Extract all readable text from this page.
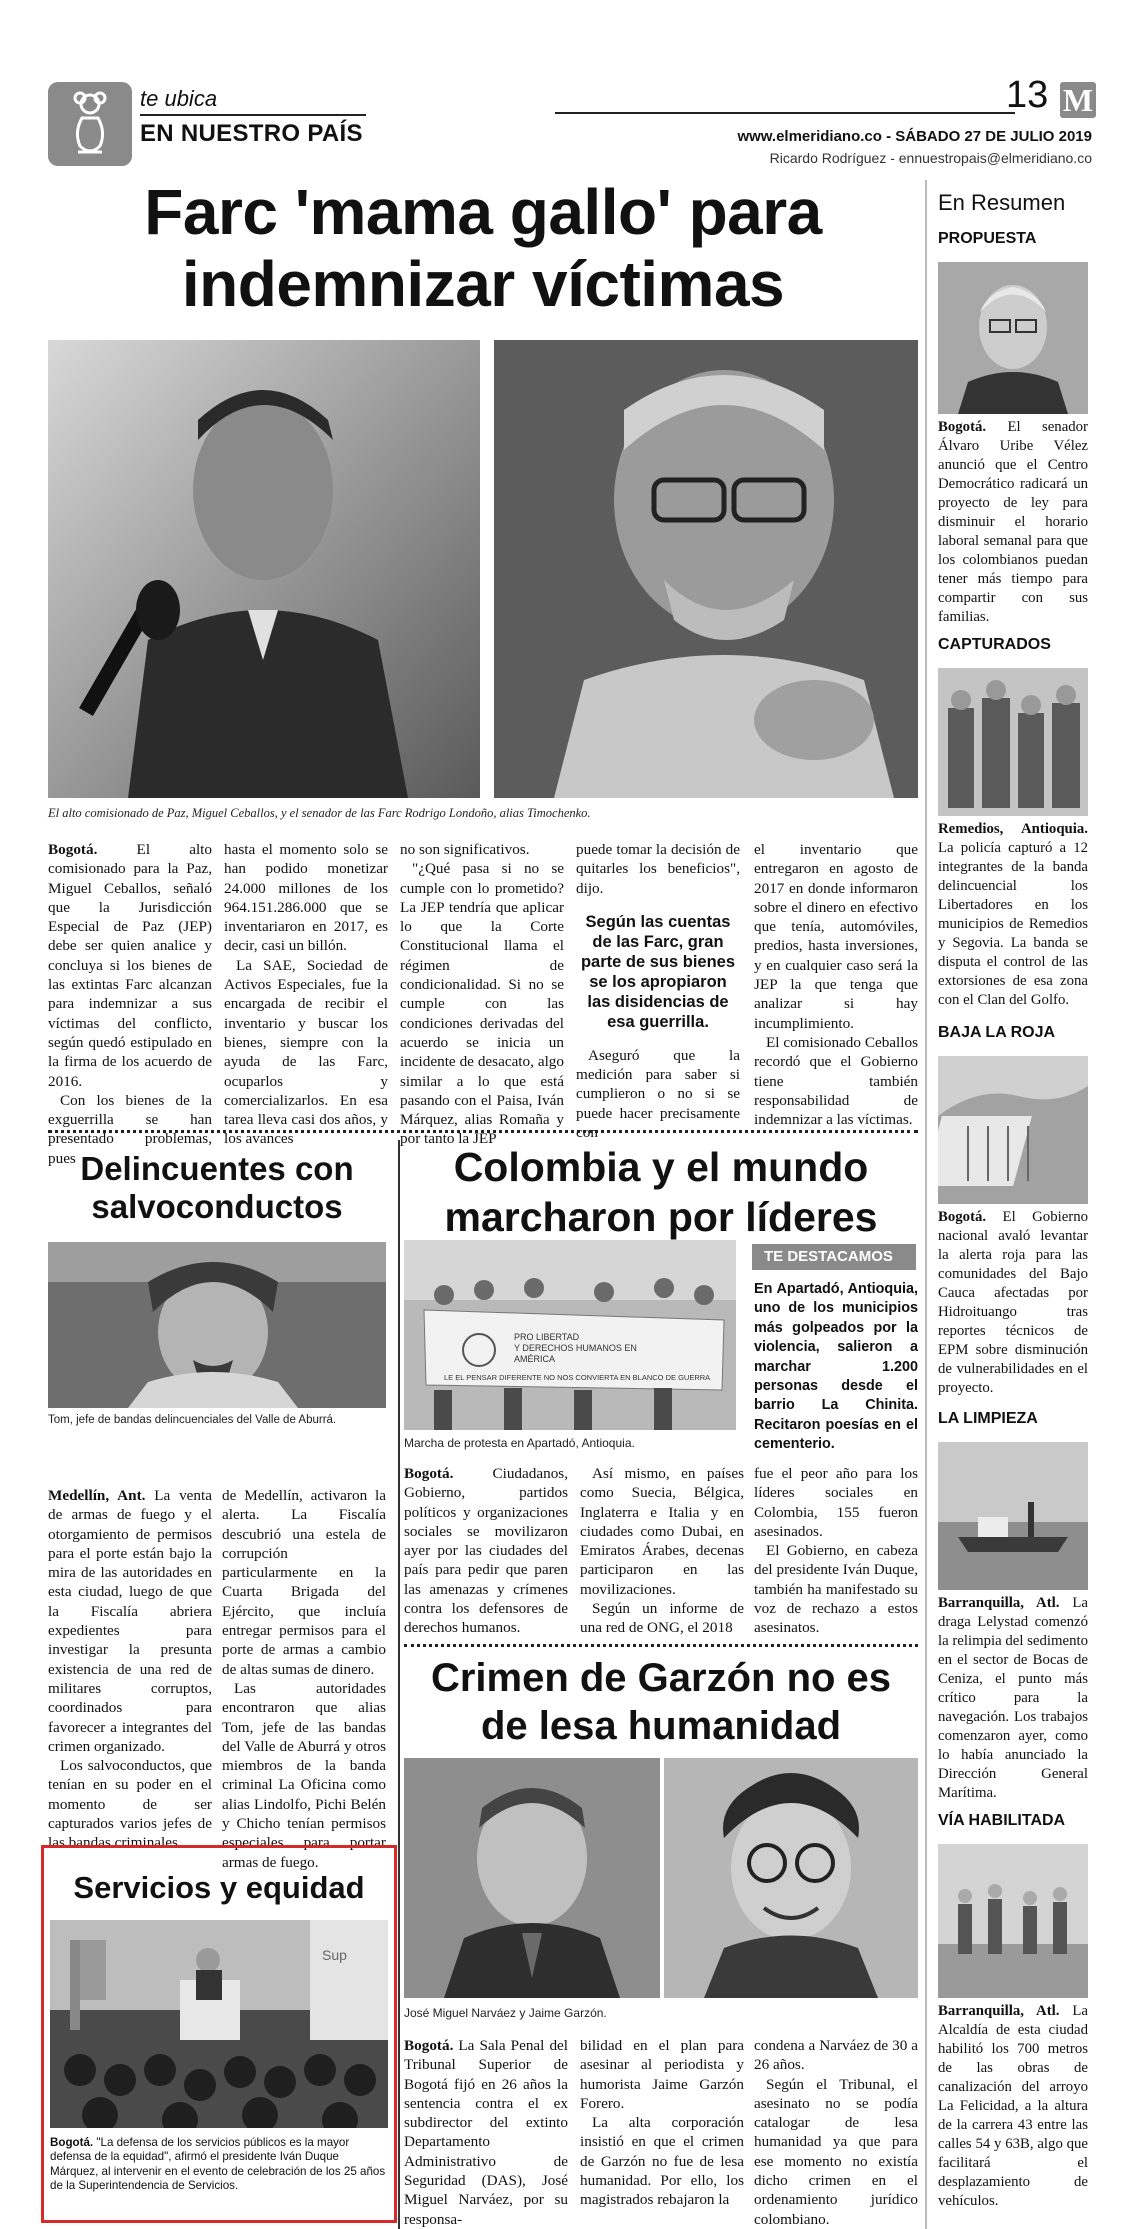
te ubica
EN NUESTRO PAÍS
13 M
www.elmeridiano.co - SÁBADO 27 DE JULIO 2019
Ricardo Rodríguez - ennuestropais@elmeridiano.co
Farc 'mama gallo' para indemnizar víctimas
El alto comisionado de Paz, Miguel Ceballos, y el senador de las Farc Rodrigo Londoño, alias Timochenko.

Bogotá. El alto comisionado para la Paz, Miguel Ceballos, señaló que la Jurisdicción Especial de Paz (JEP) debe ser quien analice y concluya si los bienes de las extintas Farc alcanzan para indemnizar a sus víctimas del conflicto, según quedó estipulado en la firma de los acuerdo de 2016.

Con los bienes de la exguerrilla se han presentado problemas, pues

hasta el momento solo se han podido monetizar 24.000 millones de los 964.151.286.000 que se inventariaron en 2017, es decir, casi un billón.

La SAE, Sociedad de Activos Especiales, fue la encargada de recibir el inventario y buscar los bienes, siempre con la ayuda de las Farc, ocuparlos y comercializarlos. En esa tarea lleva casi dos años, y los avances

no son significativos.

"¿Qué pasa si no se cumple con lo prometido? La JEP tendría que aplicar lo que la Corte Constitucional llama el régimen de condicionalidad. Si no se cumple con las condiciones derivadas del acuerdo se inicia un incidente de desacato, algo similar a lo que está pasando con el Paisa, Iván Márquez, alias Romaña y por tanto la JEP

puede tomar la decisión de quitarles los beneficios", dijo.

Según las cuentas de las Farc, gran parte de sus bienes se los apropiaron las disidencias de esa guerrilla.

Aseguró que la medición para saber si cumplieron o no si se puede hacer precisamente con

el inventario que entregaron en agosto de 2017 en donde informaron sobre el dinero en efectivo que tenía, automóviles, predios, hasta inversiones, y en cualquier caso será la JEP la que tenga que analizar si hay incumplimiento.

El comisionado Ceballos recordó que el Gobierno tiene también responsabilidad de indemnizar a las víctimas.

Delincuentes con salvoconductos
Tom, jefe de bandas delincuenciales del Valle de Aburrá.

Medellín, Ant. La venta de armas de fuego y el otorgamiento de permisos para el porte están bajo la mira de las autoridades en esta ciudad, luego de que la Fiscalía abriera expedientes para investigar la presunta existencia de una red de militares corruptos, coordinados para favorecer a integrantes del crimen organizado.

Los salvoconductos, que tenían en su poder en el momento de ser capturados varios jefes de las bandas criminales

de Medellín, activaron la alerta. La Fiscalía descubrió una estela de corrupción particularmente en la Cuarta Brigada del Ejército, que incluía entregar permisos para el porte de armas a cambio de altas sumas de dinero.

Las autoridades encontraron que alias Tom, jefe de las bandas del Valle de Aburrá y otros miembros de la banda criminal La Oficina como alias Lindolfo, Pichi Belén y Chicho tenían permisos especiales para portar armas de fuego.

Servicios y equidad
Sup
Bogotá. "La defensa de los servicios públicos es la mayor defensa de la equidad", afirmó el presidente Iván Duque Márquez, al intervenir en el evento de celebración de los 25 años de la Superintendencia de Servicios.
Colombia y el mundo marcharon por líderes
PRO LIBERTAD
Y DERECHOS HUMANOS EN
AMÉRICA
LE EL PENSAR DIFERENTE NO NOS CONVIERTA EN BLANCO DE GUERRA
Marcha de protesta en Apartadó, Antioquia.
TE DESTACAMOS
En Apartadó, Antioquia, uno de los municipios más golpeados por la violencia, salieron a marchar 1.200 personas desde el barrio La Chinita. Recitaron poesías en el cementerio.

Bogotá. Ciudadanos, Gobierno, partidos políticos y organizaciones sociales se movilizaron ayer por las ciudades del país para pedir que paren las amenazas y crímenes contra los defensores de derechos humanos.

Así mismo, en países como Suecia, Bélgica, Inglaterra e Italia y en ciudades como Dubai, en Emiratos Árabes, decenas participaron en las movilizaciones.

Según un informe de una red de ONG, el 2018

fue el peor año para los líderes sociales en Colombia, 155 fueron asesinados.

El Gobierno, en cabeza del presidente Iván Duque, también ha manifestado su voz de rechazo a estos asesinatos.

Crimen de Garzón no es de lesa humanidad
José Miguel Narváez y Jaime Garzón.

Bogotá. La Sala Penal del Tribunal Superior de Bogotá fijó en 26 años la sentencia contra el ex subdirector del extinto Departamento Administrativo de Seguridad (DAS), José Miguel Narváez, por su responsa-

bilidad en el plan para asesinar al periodista y humorista Jaime Garzón Forero.

La alta corporación insistió en que el crimen de Garzón no fue de lesa humanidad. Por ello, los magistrados rebajaron la

condena a Narváez de 30 a 26 años.

Según el Tribunal, el asesinato no se podía catalogar de lesa humanidad ya que para ese momento no existía dicho crimen en el ordenamiento jurídico colombiano.

En Resumen
PROPUESTA
Bogotá. El senador Álvaro Uribe Vélez anunció que el Centro Democrático radicará un proyecto de ley para disminuir el horario laboral semanal para que los colombianos puedan tener más tiempo para compartir con sus familias.
CAPTURADOS
Remedios, Antioquia. La policía capturó a 12 integrantes de la banda delincuencial los Libertadores en los municipios de Remedios y Segovia. La banda se disputa el control de las extorsiones de esa zona con el Clan del Golfo.
BAJA LA ROJA
Bogotá. El Gobierno nacional avaló levantar la alerta roja para las comunidades del Bajo Cauca afectadas por Hidroituango tras reportes técnicos de EPM sobre disminución de vulnerabilidades en el proyecto.
LA LIMPIEZA
Barranquilla, Atl. La draga Lelystad comenzó la relimpia del sedimento en el sector de Bocas de Ceniza, el punto más crítico para la navegación. Los trabajos comenzaron ayer, como lo había anunciado la Dirección General Marítima.
VÍA HABILITADA
Barranquilla, Atl. La Alcaldía de esta ciudad habilitó los 700 metros de las obras de canalización del arroyo La Felicidad, a la altura de la carrera 43 entre las calles 54 y 63B, algo que facilitará el desplazamiento de vehículos.
